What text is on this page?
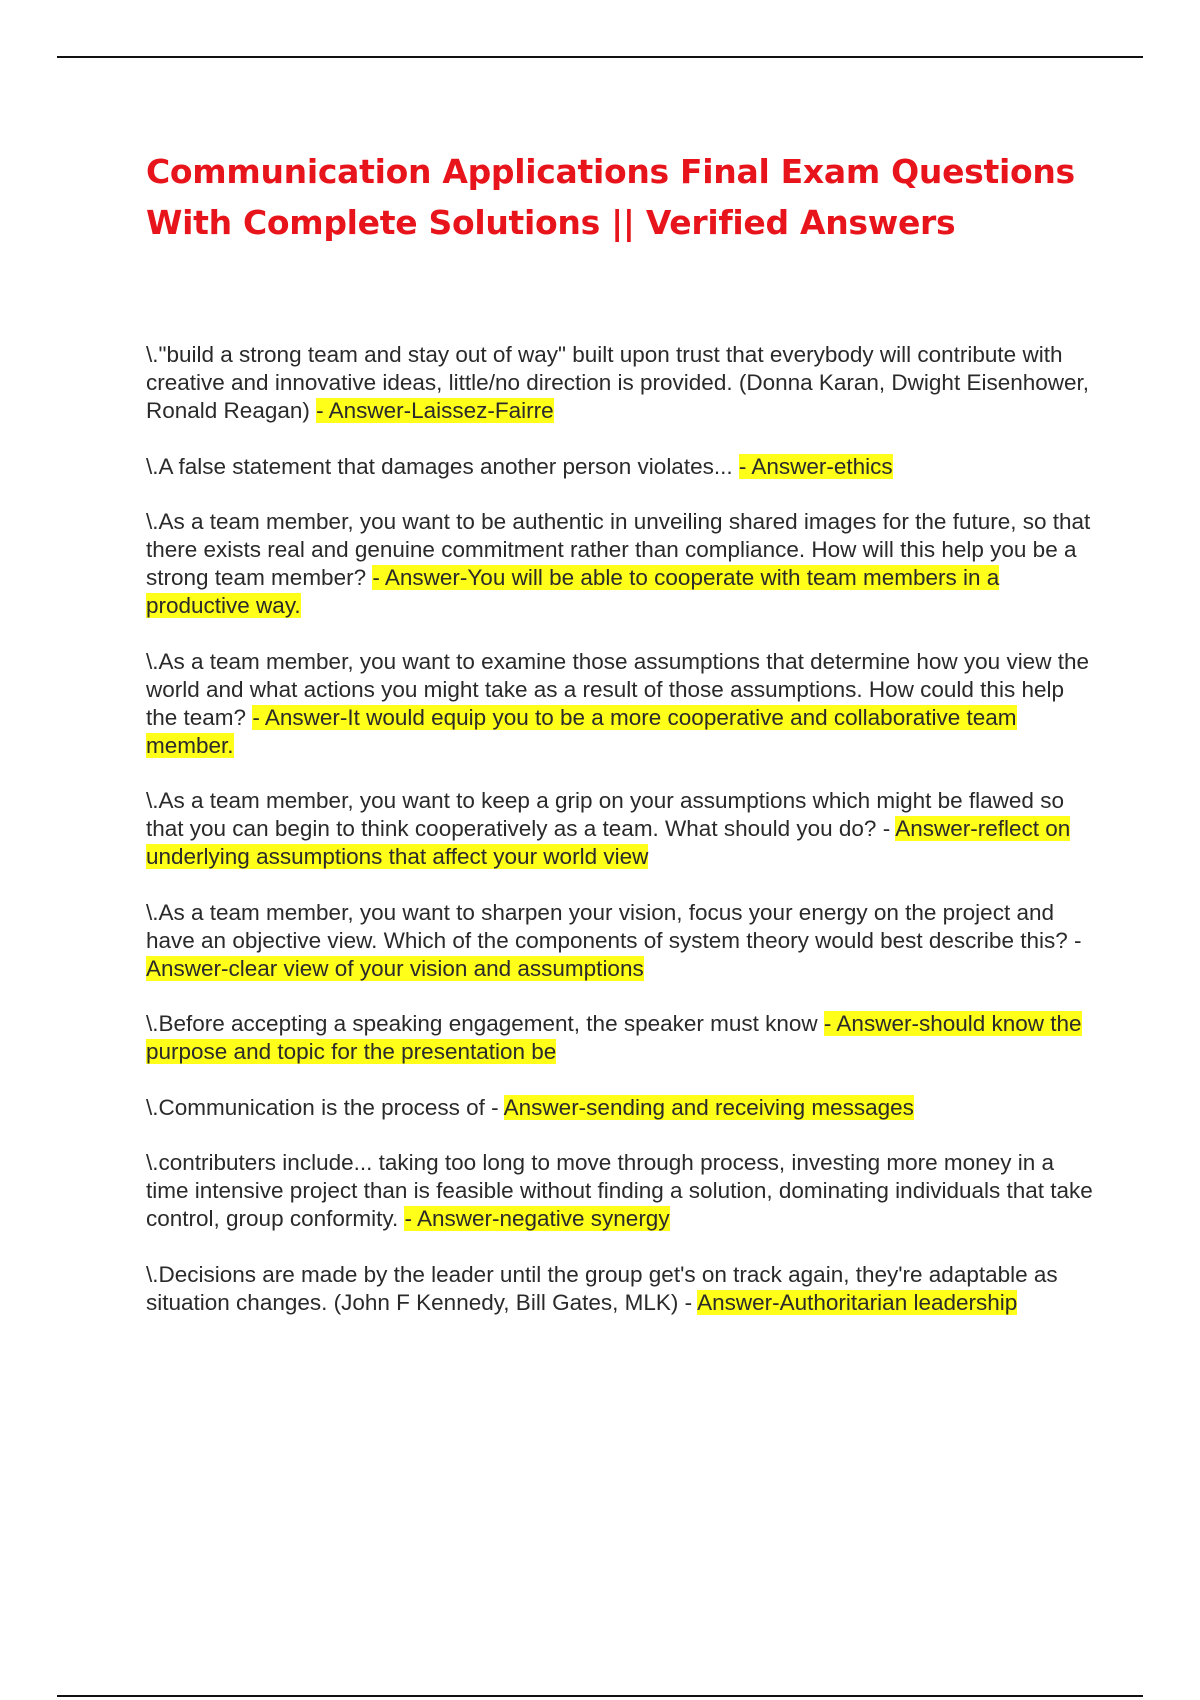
Communication Applications Final Exam Questions
With Complete Solutions || Verified Answers

\."build a strong team and stay out of way" built upon trust that everybody will contribute with creative and innovative ideas, little/no direction is provided. (Donna Karan, Dwight Eisenhower, Ronald Reagan) - Answer-Laissez-Fairre

\.A false statement that damages another person violates... - Answer-ethics

\.As a team member, you want to be authentic in unveiling shared images for the future, so that there exists real and genuine commitment rather than compliance. How will this help you be a strong team member? - Answer-You will be able to cooperate with team members in a productive way.

\.As a team member, you want to examine those assumptions that determine how you view the world and what actions you might take as a result of those assumptions. How could this help the team? - Answer-It would equip you to be a more cooperative and collaborative team member.

\.As a team member, you want to keep a grip on your assumptions which might be flawed so that you can begin to think cooperatively as a team. What should you do? - Answer-reflect on underlying assumptions that affect your world view

\.As a team member, you want to sharpen your vision, focus your energy on the project and have an objective view. Which of the components of system theory would best describe this? - Answer-clear view of your vision and assumptions

\.Before accepting a speaking engagement, the speaker must know - Answer-should know the purpose and topic for the presentation be

\.Communication is the process of - Answer-sending and receiving messages

\.contributers include... taking too long to move through process, investing more money in a time intensive project than is feasible without finding a solution, dominating individuals that take control, group conformity. - Answer-negative synergy

\.Decisions are made by the leader until the group get's on track again, they're adaptable as situation changes. (John F Kennedy, Bill Gates, MLK) - Answer-Authoritarian leadership
